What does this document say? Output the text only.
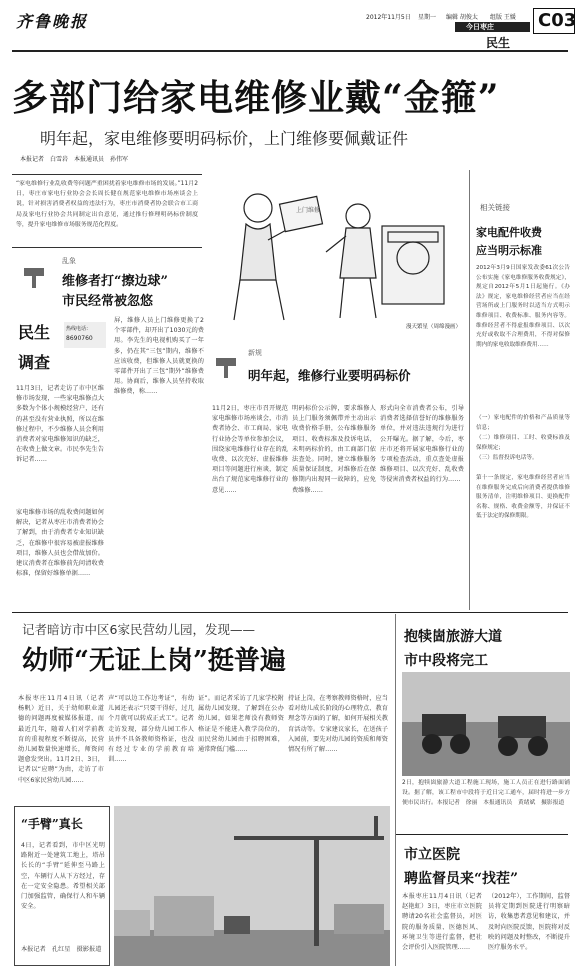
齐鲁晚报	2012年11月5日 星期一 编辑 胡俊太 组版 王媛
今日枣庄
民生
C03
多部门给家电维修业戴“金箍”
明年起，家电维修要明码标价，上门维修要佩戴证件
本报记者　白雪岩　本报通讯员　孙伟军
“家电维修行业乱收费等问题严重困扰着家电维修市场的发展。”11月2日，枣庄市家电行业协会会长周长健在规范家电维修市场座谈会上说，针对损害消费者权益的违法行为，枣庄市消费者协会联合市工商局及家电行业协会共同制定出台意见，通过推行修理明码标价制度等，提升家电维修市场服务规范化程度。
上门维修
漫天繁星（周绵漫画）
相关链接
家电配件收费
应当明示标准
2012年3月9日国家发改委61次公告公布实施《家电维修服务收费规定》，规定自2012年5月1日起施行。《办法》规定，家电维修经营者应当在经营场所或上门服务时以适当方式明示维修项目、收费标准、服务内容等。维修经营者不得虚报维修项目、以次充好或收取不合理费用，不得对保修期内的家电收取维修费用……
（一）家电配件的价格和产品质量等信息；
（二）维修项目、工时、收费标准及保修规定；
（三）监督投诉电话等。
第十一条规定，家电维修经营者应当在维修服务完成后向消费者提供维修服务清单，注明维修项目、更换配件名称、规格、收费金额等，并保证不低于法定的保修期限。
乱象
维修者打“擦边球”
市民经常被忽悠
民生
调查
热线电话：
8690760
11月3日，记者走访了市中区维修市场发现，一些家电维修点大多数为个体小规模经营户，还有的甚至没有营业执照，所以在维修过程中，不少维修人员会利用消费者对家电维修知识的缺乏，在收费上做文章。市民李先生告诉记者……
家电维修市场的乱收费问题如何解决，记者从枣庄市消费者协会了解到，由于消费者专业知识缺乏，在维修中很容易被虚报维修项目，维修人员也会借故加价。建议消费者在维修前先问清收费标准，保留好维修单据……
屏，维修人员上门维修更换了2个零部件，却开出了1030元的费用。李先生的电视机购买了一年多，仍在其“三包”期内，维修不应该收费，但维修人员就更换的零部件开出了三包“期外”维修费用。协商后，维修人员坚持收取维修费，称……
新规
明年起，维修行业要明码标价
11月2日，枣庄市召开规范家电维修市场座谈会，市消费者协会、市工商局、家电行业协会等单位参加会议，围绕家电维修行业存在的乱收费、以次充好、虚报维修项目等问题进行座谈，制定出台了规范家电维修行业的意见……
明码标价公示牌，要求维修人员上门服务须佩带并主动出示收费价格手册，公布维修服务项目、收费标准及投诉电话，未明码标价的，由工商部门依法查处。同时，建立维修服务质量保证制度，对维修后在保修期内出现同一故障的，应免费维修……
形式向全市消费者公布，引导消费者选择信誉好的维修服务单位，并对违法违规行为进行公开曝光。据了解，今后，枣庄市还将开展家电维修行业的专项检查活动，重点查处虚报维修项目、以次充好、乱收费等侵害消费者权益的行为……
记者暗访市中区6家民营幼儿园，发现——
幼师“无证上岗”挺普遍
本报枣庄11月4日讯（记者　杨帆）近日，关于幼师职业道德的问题再度被媒体报道，而最近几年，随着人们对学前教育的重视程度不断提高，民营幼儿园数量快速增长，师资问题愈发突出。11月2日、3日，记者以“应聘”为由，走访了市中区6家民营幼儿园……
声“可以边工作边考证”，有幼儿园还表示“只要干得好，过几个月就可以转成正式工”。记者走访发现，部分幼儿园工作人员并不具备教师资格证，也没有经过专业的学前教育培训……
证”。而记者采访了几家学校附属幼儿园发现，了解到在公办幼儿园，如果老师没有教师资格证是不能进入教学岗位的，而民营幼儿园由于招聘困难，通常降低门槛……
持证上岗，在考察教师资格时，应当看对幼儿成长阶段的心理特点、教育理念等方面的了解，如何开展相关教育活动等。专家建议家长，在送孩子入园前，要先对幼儿园的资质和师资情况有所了解……
抱犊崮旅游大道
市中段将完工
2日，抱犊崮旅游大道工程施工现场，施工人员正在进行路面铺设。据了解，该工程市中段将于近日完工通车，届时将进一步方便市民出行。本报记者　徐丽　本报通讯员　黄绪斌　摄影报道
市立医院
聘监督员来“找茬”
本报枣庄11月4日讯（记者　赵艳虹）3日，枣庄市立医院聘请20名社会监督员，对医院的服务质量、医德医风、环境卫生等进行监督，把社会评价引入医院管理……
（2012年），工作期间，监督员将定期到医院进行明察暗访，收集患者意见和建议，并及时向医院反馈，医院将对反映的问题及时整改，不断提升医疗服务水平。
“手臂”真长
4日，记者看到，市中区光明路附近一处建筑工地上，塔吊长长的“手臂”延伸至马路上空，车辆行人从下方经过，存在一定安全隐患。希望相关部门加强监管，确保行人和车辆安全。
本报记者　孔红星　摄影报道
